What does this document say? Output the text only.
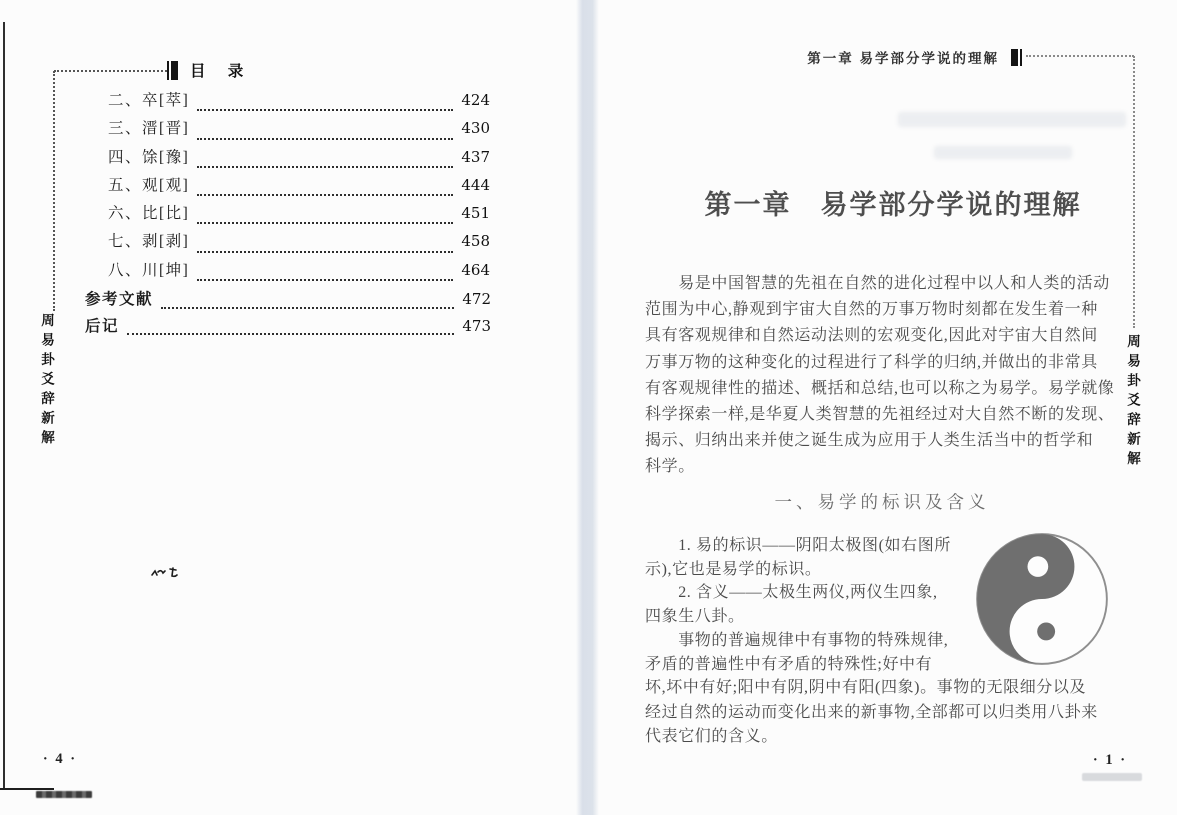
目 录
二、卒[萃]	424
三、溍[晋]	430
四、馀[豫]	437
五、观[观]	444
六、比[比]	451
七、剥[剥]	458
八、川[坤]	464
参考文献	472
后记	473
周易卦爻辞新解
· 4 ·
第一章 易学部分学说的理解
第一章　易学部分学说的理解
　　易是中国智慧的先祖在自然的进化过程中以人和人类的活动
范围为中心,静观到宇宙大自然的万事万物时刻都在发生着一种
具有客观规律和自然运动法则的宏观变化,因此对宇宙大自然间
万事万物的这种变化的过程进行了科学的归纳,并做出的非常具
有客观规律性的描述、概括和总结,也可以称之为易学。易学就像
科学探索一样,是华夏人类智慧的先祖经过对大自然不断的发现、
揭示、归纳出来并使之诞生成为应用于人类生活当中的哲学和
科学。
一、易学的标识及含义
　　1. 易的标识——阴阳太极图(如右图所
示),它也是易学的标识。
　　2. 含义——太极生两仪,两仪生四象,
四象生八卦。
　　事物的普遍规律中有事物的特殊规律,
矛盾的普遍性中有矛盾的特殊性;好中有
坏,坏中有好;阳中有阴,阴中有阳(四象)。事物的无限细分以及
经过自然的运动而变化出来的新事物,全部都可以归类用八卦来
代表它们的含义。
周易卦爻辞新解
· 1 ·
